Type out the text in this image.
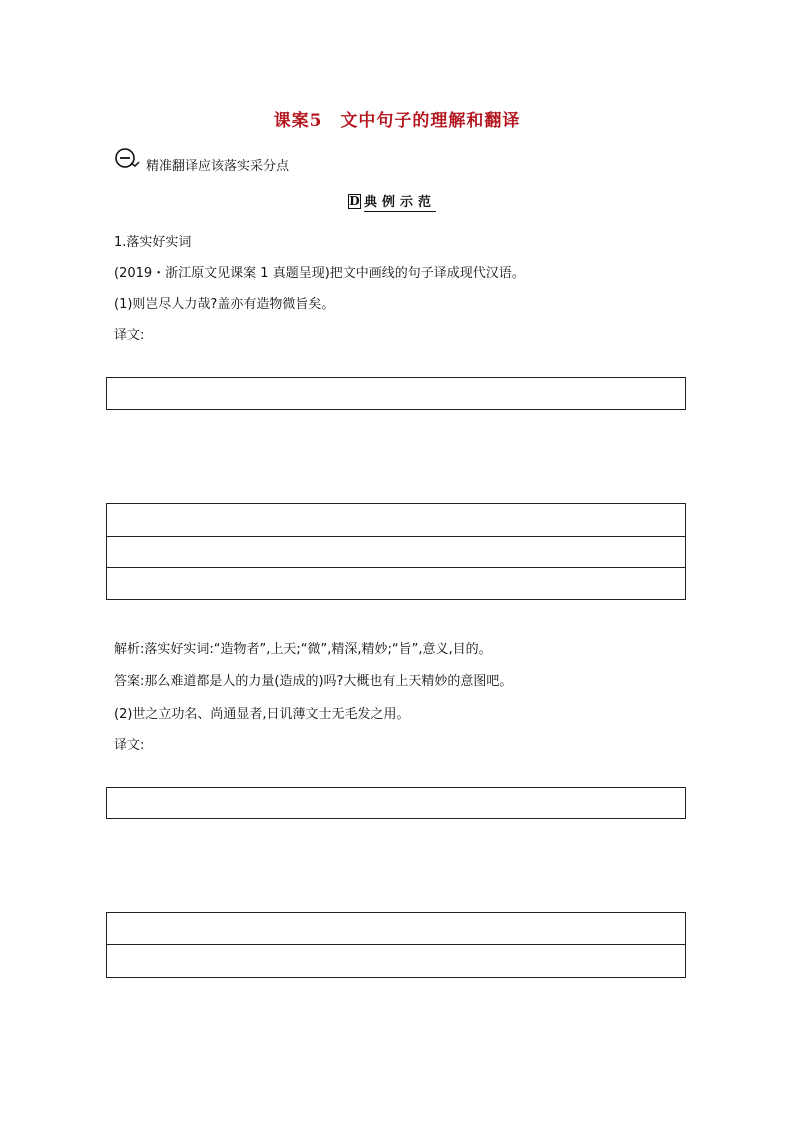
课案5　文中句子的理解和翻译
精准翻译应该落实采分点
D 典例示范
1.落实好实词
(2019・浙江原文见课案 1 真题呈现)把文中画线的句子译成现代汉语。
(1)则岂尽人力哉?盖亦有造物微旨矣。
译文:
解析:落实好实词:“造物者”,上天;“微”,精深,精妙;“旨”,意义,目的。
答案:那么难道都是人的力量(造成的)吗?大概也有上天精妙的意图吧。
(2)世之立功名、尚通显者,日讥薄文士无毛发之用。
译文:
